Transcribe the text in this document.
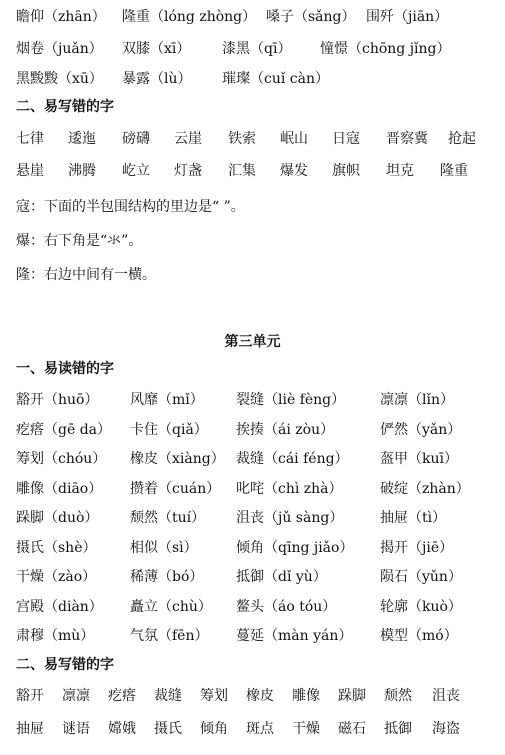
瞻仰（zhān） 隆重（lóng zhòng） 嗓子（sǎng） 围歼（jiān）
烟卷（juǎn） 双膝（xī） 漆黑（qī） 憧憬（chōng jǐng）
黑黢黢（xū） 暴露（lù） 璀璨（cuǐ càn）
二、易写错的字
七律 逶迤 磅礴 云崖 铁索 岷山 日寇 晋察冀 抢起
悬崖 沸腾 屹立 灯盏 汇集 爆发 旗帜 坦克 隆重
寇：下面的半包围结构的里边是“ ”。
爆：右下角是“氺”。
隆：右边中间有一横。
第三单元
一、易读错的字
豁开（huō） 风靡（mǐ） 裂缝（liè fèng） 凛凛（lǐn）
疙瘩（gē da） 卡住（qiǎ） 挨揍（ái zòu）	俨然（yǎn）
筹划（chóu） 橡皮（xiàng） 裁缝（cái féng） 盔甲（kuī）
雕像（diāo） 攒着（cuán） 叱咤（chì zhà）	破绽（zhàn）
跺脚（duò） 颓然（tuí） 沮丧（jǔ sàng）	抽屉（tì）
摄氏（shè） 相似（sì）	倾角（qīng jiǎo） 揭开（jiē）
干燥（zào） 稀薄（bó） 抵御（dǐ yù）	陨石（yǔn）
宫殿（diàn） 矗立（chù） 鳌头（áo tóu）	轮廓（kuò）
肃穆（mù）	气氛（fēn） 蔓延（màn yán） 模型（mó）
二、易写错的字
豁开 凛凛 疙瘩 裁缝 筹划 橡皮 雕像 跺脚 颓然 沮丧
抽屉 谜语 嫦娥 摄氏 倾角 斑点 干燥 磁石 抵御 海盗
